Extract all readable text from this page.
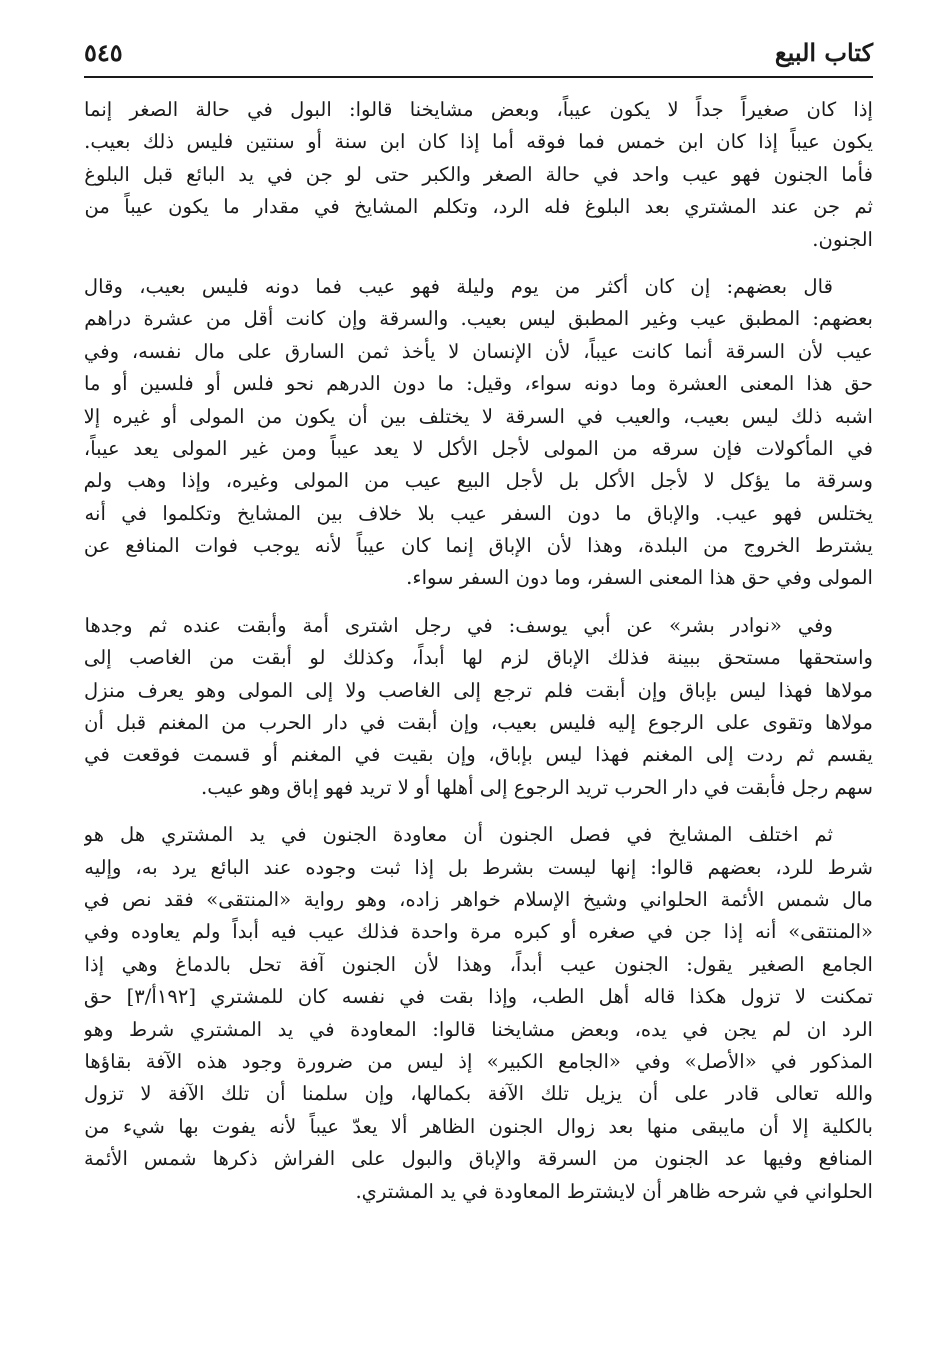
كتاب البيع
٥٤٥
إذا كان صغيراً جداً لا يكون عيباً، وبعض مشايخنا قالوا: البول في حالة الصغر إنما
يكون عيباً إذا كان ابن خمس فما فوقه أما إذا كان ابن سنة أو سنتين فليس ذلك بعيب.
فأما الجنون فهو عيب واحد في حالة الصغر والكبر حتى لو جن في يد البائع قبل البلوغ
ثم جن عند المشتري بعد البلوغ فله الرد، وتكلم المشايخ في مقدار ما يكون عيباً من
الجنون.
قال بعضهم: إن كان أكثر من يوم وليلة فهو عيب فما دونه فليس بعيب، وقال
بعضهم: المطبق عيب وغير المطبق ليس بعيب. والسرقة وإن كانت أقل من عشرة دراهم
عيب لأن السرقة أنما كانت عيباً، لأن الإنسان لا يأخذ ثمن السارق على مال نفسه، وفي
حق هذا المعنى العشرة وما دونه سواء، وقيل: ما دون الدرهم نحو فلس أو فلسين أو ما
اشبه ذلك ليس بعيب، والعيب في السرقة لا يختلف بين أن يكون من المولى أو غيره إلا
في المأكولات فإن سرقه من المولى لأجل الأكل لا يعد عيباً ومن غير المولى يعد عيباً،
وسرقة ما يؤكل لا لأجل الأكل بل لأجل البيع عيب من المولى وغيره، وإذا وهب ولم
يختلس فهو عيب. والإباق ما دون السفر عيب بلا خلاف بين المشايخ وتكلموا في أنه
يشترط الخروج من البلدة، وهذا لأن الإباق إنما كان عيباً لأنه يوجب فوات المنافع عن
المولى وفي حق هذا المعنى السفر، وما دون السفر سواء.
وفي «نوادر بشر» عن أبي يوسف: في رجل اشترى أمة وأبقت عنده ثم وجدها
واستحقها مستحق ببينة فذلك الإباق لزم لها أبداً، وكذلك لو أبقت من الغاصب إلى
مولاها فهذا ليس بإباق وإن أبقت فلم ترجع إلى الغاصب ولا إلى المولى وهو يعرف منزل
مولاها وتقوى على الرجوع إليه فليس بعيب، وإن أبقت في دار الحرب من المغنم قبل أن
يقسم ثم ردت إلى المغنم فهذا ليس بإباق، وإن بقيت في المغنم أو قسمت فوقعت في
سهم رجل فأبقت في دار الحرب تريد الرجوع إلى أهلها أو لا تريد فهو إباق وهو عيب.
ثم اختلف المشايخ في فصل الجنون أن معاودة الجنون في يد المشتري هل هو
شرط للرد، بعضهم قالوا: إنها ليست بشرط بل إذا ثبت وجوده عند البائع يرد به، وإليه
مال شمس الأئمة الحلواني وشيخ الإسلام خواهر زاده، وهو رواية «المنتقى» فقد نص في
«المنتقى» أنه إذا جن في صغره أو كبره مرة واحدة فذلك عيب فيه أبداً ولم يعاوده وفي
الجامع الصغير يقول: الجنون عيب أبداً، وهذا لأن الجنون آفة تحل بالدماغ وهي إذا
تمكنت لا تزول هكذا قاله أهل الطب، وإذا بقت في نفسه كان للمشتري [١٩٢أ/٣] حق
الرد ان لم يجن في يده، وبعض مشايخنا قالوا: المعاودة في يد المشتري شرط وهو
المذكور في «الأصل» وفي «الجامع الكبير» إذ ليس من ضرورة وجود هذه الآفة بقاؤها
والله تعالى قادر على أن يزيل تلك الآفة بكمالها، وإن سلمنا أن تلك الآفة لا تزول
بالكلية إلا أن مايبقى منها بعد زوال الجنون الظاهر ألا يعدّ عيباً لأنه يفوت بها شيء من
المنافع وفيها عد الجنون من السرقة والإباق والبول على الفراش ذكرها شمس الأئمة
الحلواني في شرحه ظاهر أن لايشترط المعاودة في يد المشتري.
